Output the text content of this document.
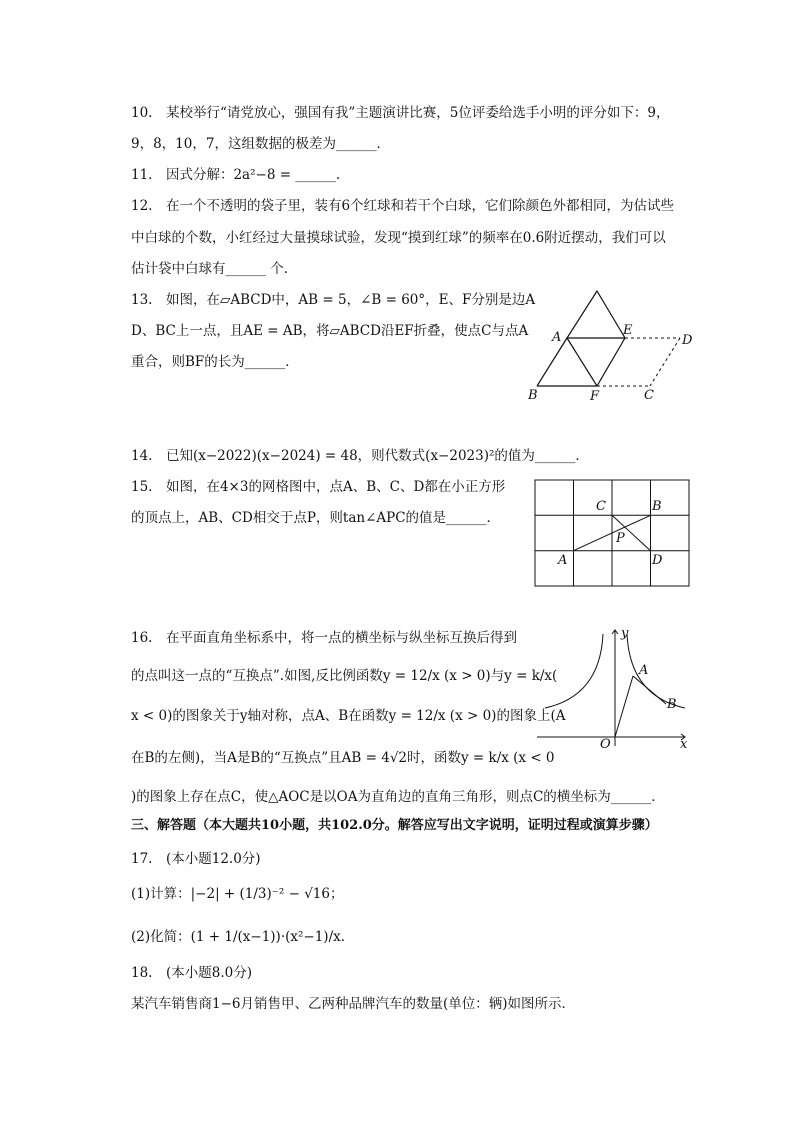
10.　某校举行“请党放心，强国有我”主题演讲比赛，5位评委给选手小明的评分如下：9，
9，8，10，7，这组数据的极差为______．
11.　因式分解：2a²−8 = ______.
12.　在一个不透明的袋子里，装有6个红球和若干个白球，它们除颜色外都相同，为估试些
中白球的个数，小红经过大量摸球试验，发现“摸到红球”的频率在0.6附近摆动，我们可以
估计袋中白球有______ 个.
13.　如图，在▱ABCD中，AB = 5，∠B = 60°，E、F分别是边A
D、BC上一点，且AE = AB，将▱ABCD沿EF折叠，使点C与点A
重合，则BF的长为______．
A	E
D
B	F	C
14.　已知(x−2022)(x−2024) = 48，则代数式(x−2023)²的值为______．
15.　如图，在4×3的网格图中，点A、B、C、D都在小正方形
的顶点上，AB、CD相交于点P，则tan∠APC的值是______．
C	B
P
A	D
16.　在平面直角坐标系中，将一点的横坐标与纵坐标互换后得到
的点叫这一点的“互换点”.如图,反比例函数y = 12/x (x > 0)与y = k/x(
x < 0)的图象关于y轴对称，点A、B在函数y = 12/x (x > 0)的图象上(A
在B的左侧)，当A是B的“互换点”且AB = 4√2时，函数y = k/x (x < 0
y
A
B
O	x
)的图象上存在点C，使△AOC是以OA为直角边的直角三角形，则点C的横坐标为______．
三、解答题（本大题共10小题，共102.0分。解答应写出文字说明，证明过程或演算步骤）
17.　(本小题12.0分)
(1)计算：|−2| + (1/3)⁻² − √16；
(2)化简：(1 + 1/(x−1))·(x²−1)/x.
18.　(本小题8.0分)
某汽车销售商1−6月销售甲、乙两种品牌汽车的数量(单位：辆)如图所示．
